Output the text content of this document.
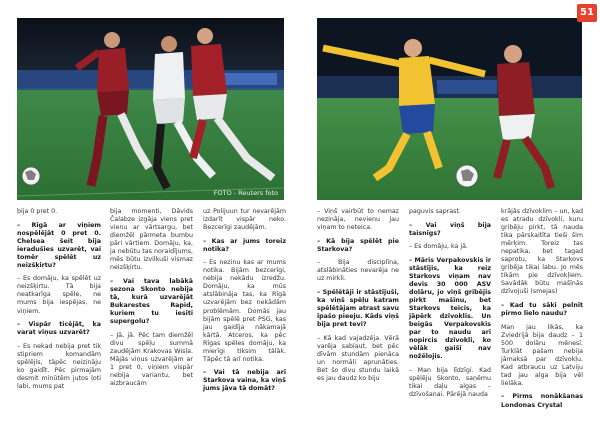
FOTO - Reuters foto
51

bija 0 pret 0.

– Rīgā ar viņiem nospēlējāt 0 pret 0. Chelsea šeit bija ieradušies uzvarēt, vai tomēr spēlēt uz neizšķirtu?

– Es domāju, ka spēlēt uz neizšķirtu. Tā bija neatkarīga spēle, ne mums bija iespējas, ne viņiem.

– Vispār ticējāt, ka varat viņus uzvarēt?

– Es nekad nebija pret tik stipriem komandām spēlējis, tāpēc neizināju ko gaidīt. Pēc pirmajām desmit minūtēm jutos ļoti labi, mums pat

bija momenti, Dāvids Čalabze izgāja viens pret vienu ar vārtsargu, bet diemžēl pārmeta bumbu pāri vārtiem. Domāju, ka, ja nebūtu tas noraidījums, mēs būtu izvilkuši vismaz neizšķirtu.

– Vai tava labākā sezona Skonto nebija tā, kurā uzvarējāt Bukarestes Rapid, kuriem tu iesiti supergolu?

– Jā, jā. Pēc tam diemžēl divu spēļu summā zaudējām Krakovas Wisla. Mājās viņus uzvarējām ar 1 pret 0, viņiem vispār nebija variantu, bet aizbraucām

uz Polijuun tur nevarējām izdarīt vispār neko. Bezcerīgi zaudējām.

– Kas ar jums toreiz notika?

– Es nezinu kas ar mums notika. Bijām bezcerīgi, nebija nekādu izredžu. Domāju, ka mūs atslābināja tas, ka Rīgā uzvarējām bez nekādām problēmām. Domās jau bijām spēlē pret PSG, kas jau gaidīja nākamajā kārtā. Atceros, ka pēc Rīgas spēles domāju, ka mierīgi tiksim tālāk. Tāpēc tā arī notika.

– Vai tā nebija arī Starkova vaina, ka viņš jums jāva tā domāt?

– Viņš vairbūt to nemaz nezināja, nevienu jau viņam to neteica.

– Kā bija spēlēt pie Starkova?

– Bija disciplīna, atslābināties nevarēja ne uz mirkli.

– Spēlētāji ir stāstījuši, ka viņš spēļu katram spēlētājam atrast savu īpašo pieeju. Kāds viņš bija pret tevi?

– Kā kad vajadzēja. Vērā varēja sabļaut, bet pēc dīvām stundām pienāca un normāli aprunāties. Bet šo divu stundu laikā es jau daudz ko biju

paguvis saprast.

– Vai viņš bija taisnīgs?

– Es domāju, ka jā.

– Māris Verpakovskis ir stāstījis, ka reiz Starkovs viņam nav devis 30 000 ASV dolāru, jo viņš gribējis pirkt mašīnu, bet Starkovs teicis, ka jāpērk dzīvoklis. Un beigās Verpakovskis par to naudu arī nopircis dzīvokli, ko vēlāk gaišī nav nožēlojis.

– Man bija līdzīgi. Kad spēlēju Skonto, saņēmu tikai daļu algas – dzīvošanai. Pārējā nauda

krājās dzīvoklim – un, kad es atradu dzīvokli, kuru gribēju pirkt, tā nauda tika pārskaitīta tieši šim mērķim. Toreiz tas nepatika, bet tagad saprotu, ka Starkovs gribēja tikai labu. Jo mēs tikām pie dzīvokļiem. Savādāk būtu mašīnās dzīvojuši (smejas)

– Kad tu sāki pelnīt pirmo lielo naudu?

Man jau likās, ka Zviedrijā bija daudz – 1 500 dolāru mēnesī. Turklāt pašam nebija jāmaksā par dzīvokļu. Kad atbraucu uz Latviju tad jau alga bija vēl lielāka.

– Pirms nonākšanas Londonas Crystal
